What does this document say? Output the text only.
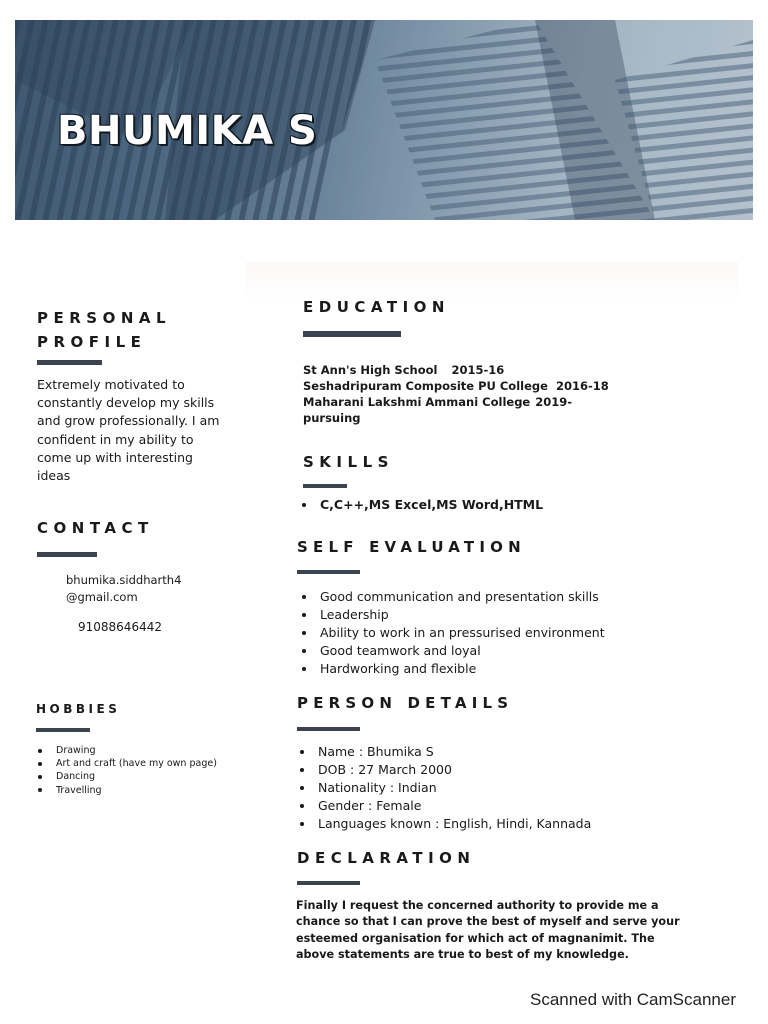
BHUMIKA S
PERSONAL
PROFILE
Extremely motivated to
constantly develop my skills
and grow professionally. I am
confident in my ability to
come up with interesting
ideas
CONTACT
bhumika.siddharth4
@gmail.com
91088646442
HOBBIES
Drawing
Art and craft (have my own page)
Dancing
Travelling
EDUCATION
St Ann's High School 2015-16
Seshadripuram Composite PU College 2016-18
Maharani Lakshmi Ammani College 2019-
pursuing
SKILLS
C,C++,MS Excel,MS Word,HTML
SELF EVALUATION
Good communication and presentation skills
Leadership
Ability to work in an pressurised environment
Good teamwork and loyal
Hardworking and flexible
PERSON DETAILS
Name : Bhumika S
DOB : 27 March 2000
Nationality : Indian
Gender : Female
Languages known : English, Hindi, Kannada
DECLARATION
Finally I request the concerned authority to provide me a
chance so that I can prove the best of myself and serve your
esteemed organisation for which act of magnanimit. The
above statements are true to best of my knowledge.
Scanned with CamScanner
